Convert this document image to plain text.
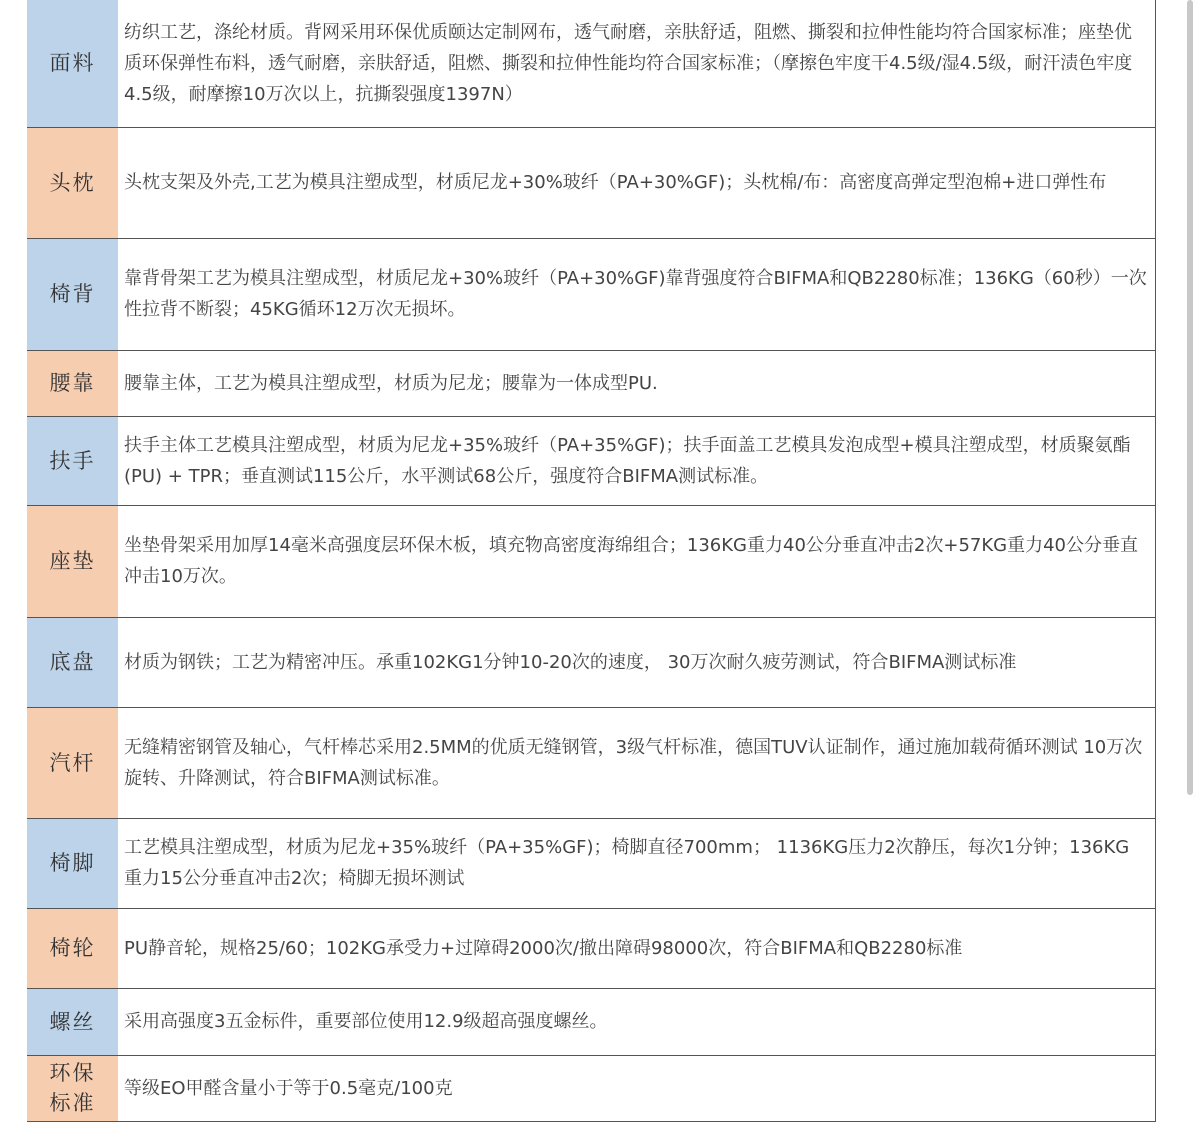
面料	纺织工艺，涤纶材质。背网采用环保优质颐达定制网布，透气耐磨，亲肤舒适，阻燃、撕裂和拉伸性能均符合国家标准；座垫优质环保弹性布料，透气耐磨，亲肤舒适，阻燃、撕裂和拉伸性能均符合国家标准；（摩擦色牢度干4.5级/湿4.5级，耐汗渍色牢度4.5级，耐摩擦10万次以上，抗撕裂强度1397N）
头枕	头枕支架及外壳,工艺为模具注塑成型，材质尼龙+30%玻纤（PA+30%GF)；头枕棉/布：高密度高弹定型泡棉+进口弹性布
椅背	靠背骨架工艺为模具注塑成型，材质尼龙+30%玻纤（PA+30%GF)靠背强度符合BIFMA和QB2280标准；136KG（60秒）一次性拉背不断裂；45KG循环12万次无损坏。
腰靠	腰靠主体，工艺为模具注塑成型，材质为尼龙；腰靠为一体成型PU.
扶手	扶手主体工艺模具注塑成型，材质为尼龙+35%玻纤（PA+35%GF)；扶手面盖工艺模具发泡成型+模具注塑成型，材质聚氨酯 (PU) + TPR；垂直测试115公斤，水平测试68公斤，强度符合BIFMA测试标准。
座垫	坐垫骨架采用加厚14毫米高强度层环保木板，填充物高密度海绵组合；136KG重力40公分垂直冲击2次+57KG重力40公分垂直冲击10万次。
底盘	材质为钢铁；工艺为精密冲压。承重102KG1分钟10-20次的速度， 30万次耐久疲劳测试，符合BIFMA测试标准
汽杆	无缝精密钢管及轴心，气杆棒芯采用2.5MM的优质无缝钢管，3级气杆标准，德国TUV认证制作，通过施加载荷循环测试 10万次旋转、升降测试，符合BIFMA测试标准。
椅脚	工艺模具注塑成型，材质为尼龙+35%玻纤（PA+35%GF)；椅脚直径700mm； 1136KG压力2次静压，每次1分钟；136KG重力15公分垂直冲击2次；椅脚无损坏测试
椅轮	PU静音轮，规格25/60；102KG承受力+过障碍2000次/撤出障碍98000次，符合BIFMA和QB2280标准
螺丝	采用高强度3五金标件，重要部位使用12.9级超高强度螺丝。
环保标准	等级EO甲醛含量小于等于0.5毫克/100克
